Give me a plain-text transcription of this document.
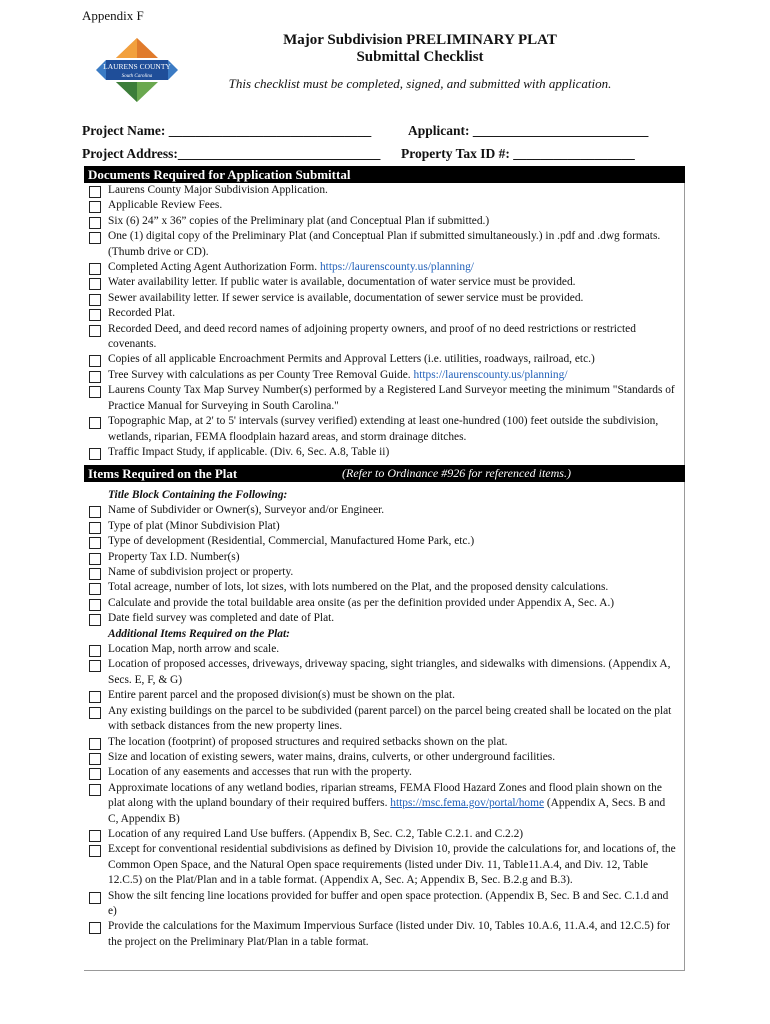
Appendix F
LAURENS COUNTY
South Carolina
Major Subdivision PRELIMINARY PLAT
Submittal Checklist
This checklist must be completed, signed, and submitted with application.
Project Name: ______________________________	Applicant: __________________________
Project Address:______________________________ Property Tax ID #: __________________
Documents Required for Application Submittal
Laurens County Major Subdivision Application.
Applicable Review Fees.
Six (6) 24” x 36” copies of the Preliminary plat (and Conceptual Plan if submitted.)
One (1) digital copy of the Preliminary Plat (and Conceptual Plan if submitted simultaneously.) in .pdf and .dwg formats. (Thumb drive or CD).
Completed Acting Agent Authorization Form. https://laurenscounty.us/planning/
Water availability letter. If public water is available, documentation of water service must be provided.
Sewer availability letter. If sewer service is available, documentation of sewer service must be provided.
Recorded Plat.
Recorded Deed, and deed record names of adjoining property owners, and proof of no deed restrictions or restricted covenants.
Copies of all applicable Encroachment Permits and Approval Letters (i.e. utilities, roadways, railroad, etc.)
Tree Survey with calculations as per County Tree Removal Guide. https://laurenscounty.us/planning/
Laurens County Tax Map Survey Number(s) performed by a Registered Land Surveyor meeting the minimum "Standards of Practice Manual for Surveying in South Carolina."
Topographic Map, at 2' to 5' intervals (survey verified) extending at least one-hundred (100) feet outside the subdivision, wetlands, riparian, FEMA floodplain hazard areas, and storm drainage ditches.
Traffic Impact Study, if applicable. (Div. 6, Sec. A.8, Table ii)
Items Required on the Plat	(Refer to Ordinance #926 for referenced items.)
Title Block Containing the Following:
Name of Subdivider or Owner(s), Surveyor and/or Engineer.
Type of plat (Minor Subdivision Plat)
Type of development (Residential, Commercial, Manufactured Home Park, etc.)
Property Tax I.D. Number(s)
Name of subdivision project or property.
Total acreage, number of lots, lot sizes, with lots numbered on the Plat, and the proposed density calculations.
Calculate and provide the total buildable area onsite (as per the definition provided under Appendix A, Sec. A.)
Date field survey was completed and date of Plat.
Additional Items Required on the Plat:
Location Map, north arrow and scale.
Location of proposed accesses, driveways, driveway spacing, sight triangles, and sidewalks with dimensions. (Appendix A, Secs. E, F, & G)
Entire parent parcel and the proposed division(s) must be shown on the plat.
Any existing buildings on the parcel to be subdivided (parent parcel) on the parcel being created shall be located on the plat with setback distances from the new property lines.
The location (footprint) of proposed structures and required setbacks shown on the plat.
Size and location of existing sewers, water mains, drains, culverts, or other underground facilities.
Location of any easements and accesses that run with the property.
Approximate locations of any wetland bodies, riparian streams, FEMA Flood Hazard Zones and flood plain shown on the plat along with the upland boundary of their required buffers. https://msc.fema.gov/portal/home (Appendix A, Secs. B and C, Appendix B)
Location of any required Land Use buffers. (Appendix B, Sec. C.2, Table C.2.1. and C.2.2)
Except for conventional residential subdivisions as defined by Division 10, provide the calculations for, and locations of, the Common Open Space, and the Natural Open space requirements (listed under Div. 11, Table11.A.4, and Div. 12, Table 12.C.5) on the Plat/Plan and in a table format. (Appendix A, Sec. A; Appendix B, Sec. B.2.g and B.3).
Show the silt fencing line locations provided for buffer and open space protection. (Appendix B, Sec. B and Sec. C.1.d and e)
Provide the calculations for the Maximum Impervious Surface (listed under Div. 10, Tables 10.A.6, 11.A.4, and 12.C.5) for the project on the Preliminary Plat/Plan in a table format.
